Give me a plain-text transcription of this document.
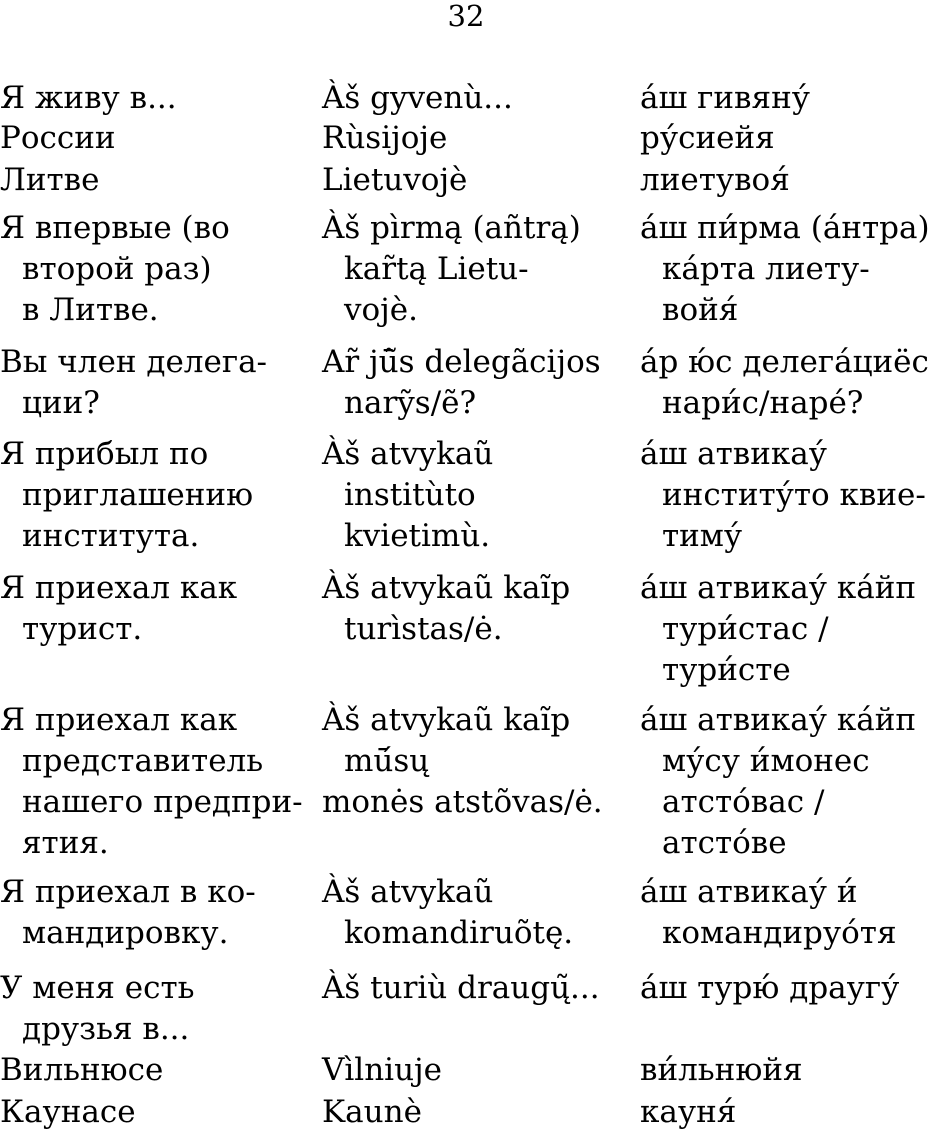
32
Я живу в...
России
Литве
Я впервые (во
второй раз)
в Литве.
Вы член делега-
ции?
Я прибыл по
приглашению
института.
Я приехал как
турист.
Я приехал как
представитель
нашего предпри-
ятия.
Я приехал в ко-
мандировку.
У меня есть
друзья в...
Вильнюсе
Каунасе
Àš gyvenù...
Rùsijoje
Lietuvojè
Àš pìrmą (añtrą)
kar̃tą Lietu-
vojè.
Ar̃ jū̃s delegãcijos
narỹs/ẽ?
Àš atvykaũ
institùto
kvietimù.
Àš atvykaũ kaĩp
turìstas/ė.
Àš atvykaũ kaĩp
mū́sų
monės atstõvas/ė.
Àš atvykaũ
komandiruõtę.
Àš turiù draugų̃...
Vìlniuje
Kaunè
áш гивяну́
ру́сиейя
лиетувоя́
áш пи́рма (áнтра)
кáрта лиету-
войя́
áр ю́с делегáциёс
нари́с/наре́?
áш атвикау́
институ́то квие-
тиму́
áш атвикау́ кáйп
тури́стас /
тури́сте
áш атвикау́ кáйп
му́су и́монес
атстóвас /
атстóве
áш атвикау́ и́
командируóтя
áш турю́ драугу́
ви́льнюйя
кауня́
